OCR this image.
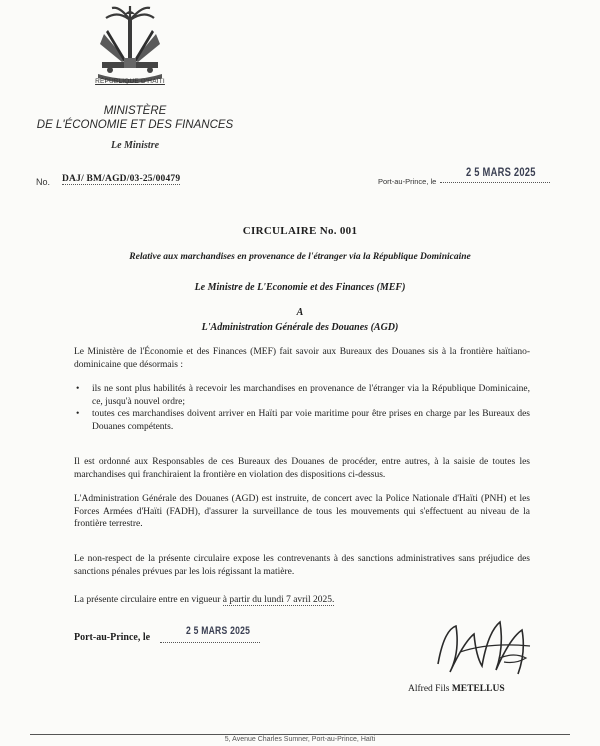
RÉPUBLIQUE D'HAÏTI
MINISTÈRE
DE L'ÉCONOMIE ET DES FINANCES
Le Ministre
No. DAJ/ BM/AGD/03-25/00479	Port-au-Prince, le
2 5 MARS 2025
CIRCULAIRE No. 001
Relative aux marchandises en provenance de l'étranger via la République Dominicaine
Le Ministre de L'Economie et des Finances (MEF)
A
L'Administration Générale des Douanes (AGD)
Le Ministère de l'Économie et des Finances (MEF) fait savoir aux Bureaux des Douanes sis à la frontière haïtiano-dominicaine que désormais :
• ils ne sont plus habilités à recevoir les marchandises en provenance de l'étranger via la République Dominicaine, ce, jusqu'à nouvel ordre;
• toutes ces marchandises doivent arriver en Haïti par voie maritime pour être prises en charge par les Bureaux des Douanes compétents.
Il est ordonné aux Responsables de ces Bureaux des Douanes de procéder, entre autres, à la saisie de toutes les marchandises qui franchiraient la frontière en violation des dispositions ci-dessus.
L'Administration Générale des Douanes (AGD) est instruite, de concert avec la Police Nationale d'Haïti (PNH) et les Forces Armées d'Haïti (FADH), d'assurer la surveillance de tous les mouvements qui s'effectuent au niveau de la frontière terrestre.
Le non-respect de la présente circulaire expose les contrevenants à des sanctions administratives sans préjudice des sanctions pénales prévues par les lois régissant la matière.
La présente circulaire entre en vigueur à partir du lundi 7 avril 2025.
Port-au-Prince, le
2 5 MARS 2025
Alfred Fils METELLUS
5, Avenue Charles Sumner, Port-au-Prince, Haïti
